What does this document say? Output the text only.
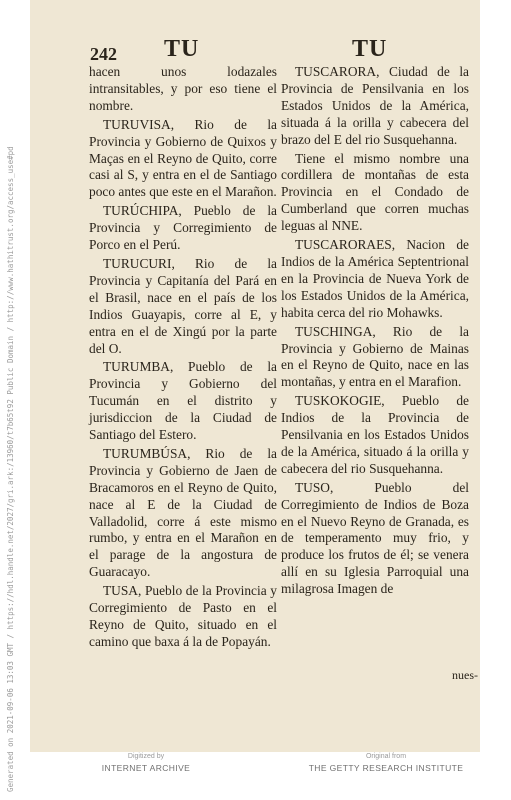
Generated on 2021-09-06 13:03 GMT / https://hdl.handle.net/2027/gri.ark:/13960/t7b65t92 Public Domain / http://www.hathitrust.org/access_use#pd
242 TU	TU

hacen unos lodazales intransitables, y por eso tiene el nombre.

TURUVISA, Rio de la Provincia y Gobierno de Quixos y Maças en el Reyno de Quito, corre casi al S, y entra en el de Santiago poco antes que este en el Marañon.

TURÚCHIPA, Pueblo de la Provincia y Corregimiento de Porco en el Perú.

TURUCURI, Rio de la Provincia y Capitanía del Pará en el Brasil, nace en el país de los Indios Guayapis, corre al E, y entra en el de Xingú por la parte del O.

TURUMBA, Pueblo de la Provincia y Gobierno del Tucumán en el distrito y jurisdiccion de la Ciudad de Santiago del Estero.

TURUMBÚSA, Rio de la Provincia y Gobierno de Jaen de Bracamoros en el Reyno de Quito, nace al E de la Ciudad de Valladolid, corre á este mismo rumbo, y entra en el Marañon en el parage de la angostura de Guaracayo.

TUSA, Pueblo de la Provincia y Corregimiento de Pasto en el Reyno de Quito, situado en el camino que baxa á la de Popayán.

TUSCARORA, Ciudad de la Provincia de Pensilvania en los Estados Unidos de la América, situada á la orilla y cabecera del brazo del E del rio Susquehanna.

Tiene el mismo nombre una cordillera de montañas de esta Provincia en el Condado de Cumberland que corren muchas leguas al NNE.

TUSCARORAES, Nacion de Indios de la América Septentrional en la Provincia de Nueva York de los Estados Unidos de la América, habita cerca del rio Mohawks.

TUSCHINGA, Rio de la Provincia y Gobierno de Mainas en el Reyno de Quito, nace en las montañas, y entra en el Marafion.

TUSKOKOGIE, Pueblo de Indios de la Provincia de Pensilvania en los Estados Unidos de la América, situado á la orilla y cabecera del rio Susquehanna.

TUSO, Pueblo del Corregimiento de Indios de Boza en el Nuevo Reyno de Granada, es de temperamento muy frio, y produce los frutos de él; se venera allí en su Iglesia Parroquial una milagrosa Imagen de

nues-
Digitized by
INTERNET ARCHIVE
Original from
THE GETTY RESEARCH INSTITUTE
